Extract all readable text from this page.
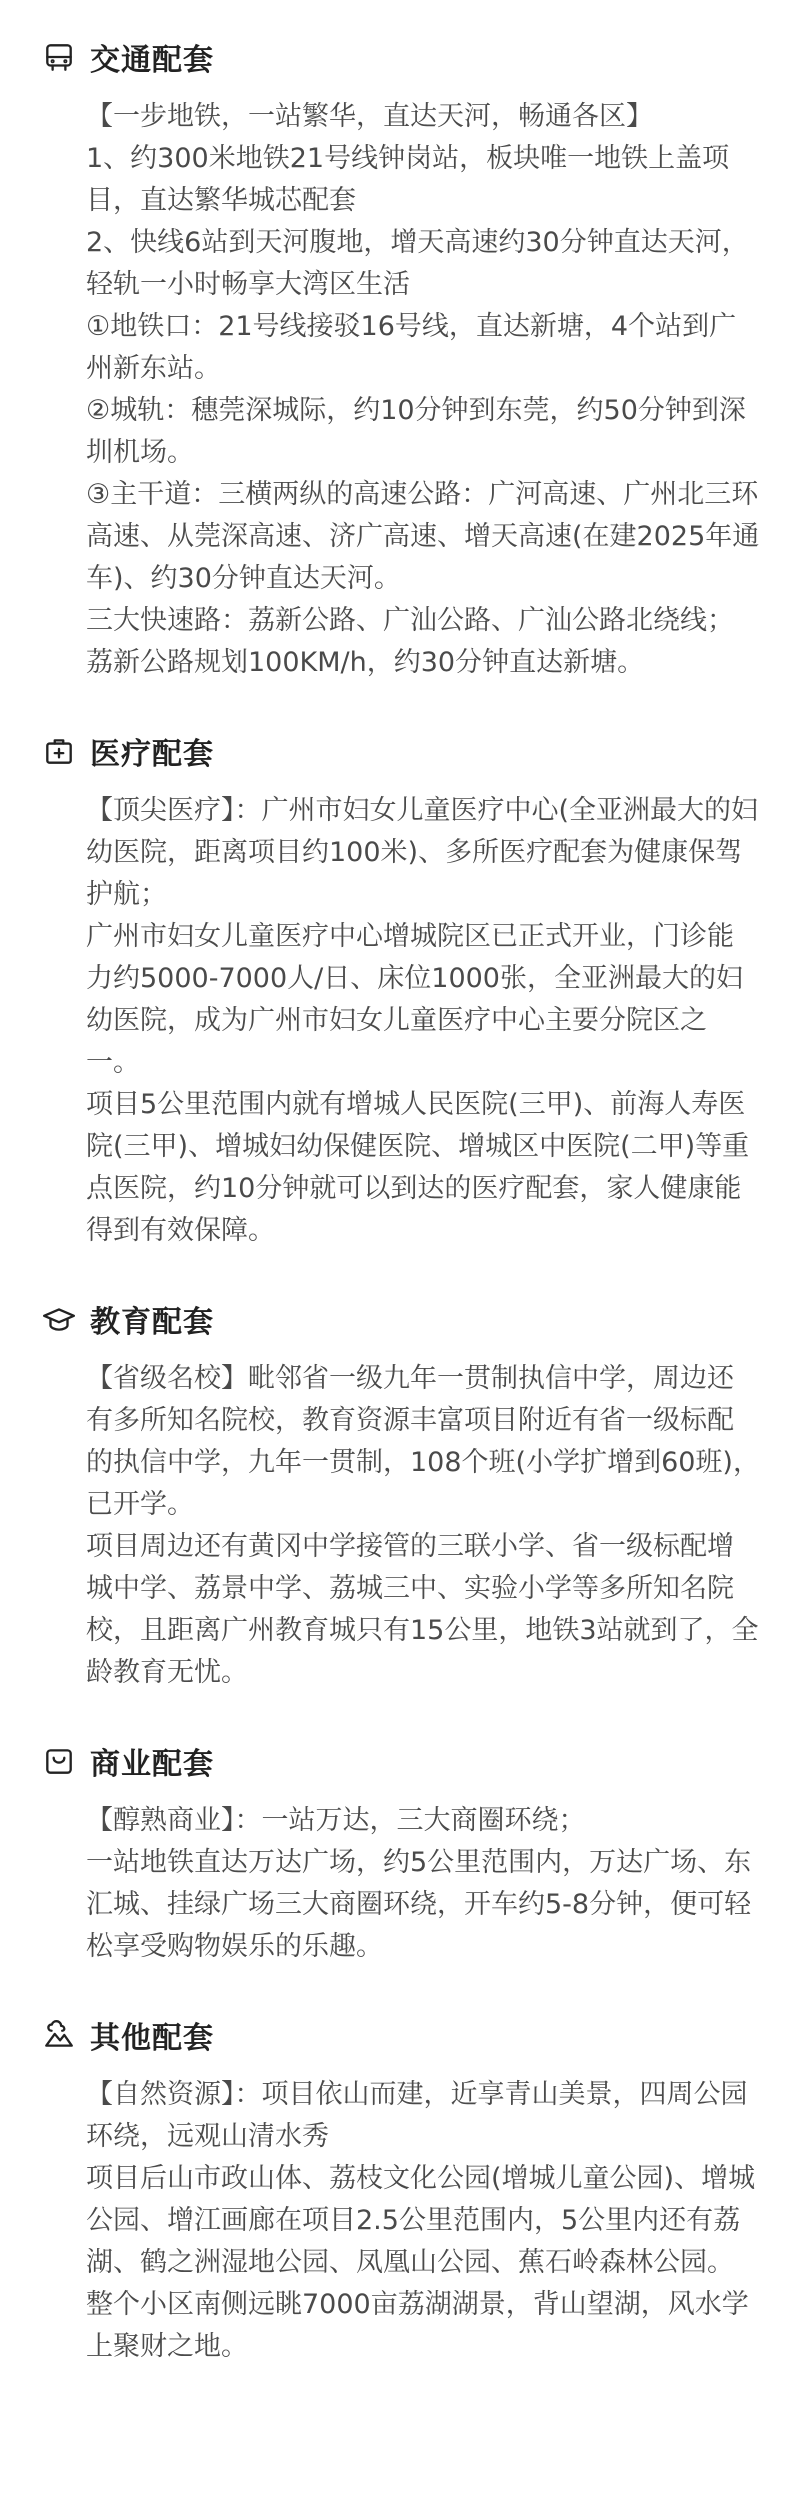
交通配套

【一步地铁，一站繁华，直达天河，畅通各区】

1、约300米地铁21号线钟岗站，板块唯一地铁上盖项目，直达繁华城芯配套

2、快线6站到天河腹地，增天高速约30分钟直达天河，轻轨一小时畅享大湾区生活

①地铁口：21号线接驳16号线，直达新塘，4个站到广州新东站。

②城轨：穗莞深城际，约10分钟到东莞，约50分钟到深圳机场。

③主干道：三横两纵的高速公路：广河高速、广州北三环高速、从莞深高速、济广高速、增天高速(在建2025年通车)、约30分钟直达天河。

三大快速路：荔新公路、广汕公路、广汕公路北绕线；荔新公路规划100KM/h，约30分钟直达新塘。

医疗配套

【顶尖医疗】：广州市妇女儿童医疗中心(全亚洲最大的妇幼医院，距离项目约100米)、多所医疗配套为健康保驾护航；

广州市妇女儿童医疗中心增城院区已正式开业，门诊能力约5000-7000人/日、床位1000张，全亚洲最大的妇幼医院，成为广州市妇女儿童医疗中心主要分院区之一。

项目5公里范围内就有增城人民医院(三甲)、前海人寿医院(三甲)、增城妇幼保健医院、增城区中医院(二甲)等重点医院，约10分钟就可以到达的医疗配套，家人健康能得到有效保障。

教育配套

【省级名校】毗邻省一级九年一贯制执信中学，周边还有多所知名院校，教育资源丰富项目附近有省一级标配的执信中学，九年一贯制，108个班(小学扩增到60班)，已开学。

项目周边还有黄冈中学接管的三联小学、省一级标配增城中学、荔景中学、荔城三中、实验小学等多所知名院校，且距离广州教育城只有15公里，地铁3站就到了，全龄教育无忧。

商业配套

【醇熟商业】：一站万达，三大商圈环绕；

一站地铁直达万达广场，约5公里范围内，万达广场、东汇城、挂绿广场三大商圈环绕，开车约5-8分钟，便可轻松享受购物娱乐的乐趣。

其他配套

【自然资源】：项目依山而建，近享青山美景，四周公园环绕，远观山清水秀

项目后山市政山体、荔枝文化公园(增城儿童公园)、增城公园、增江画廊在项目2.5公里范围内，5公里内还有荔湖、鹤之洲湿地公园、凤凰山公园、蕉石岭森林公园。整个小区南侧远眺7000亩荔湖湖景，背山望湖，风水学上聚财之地。
